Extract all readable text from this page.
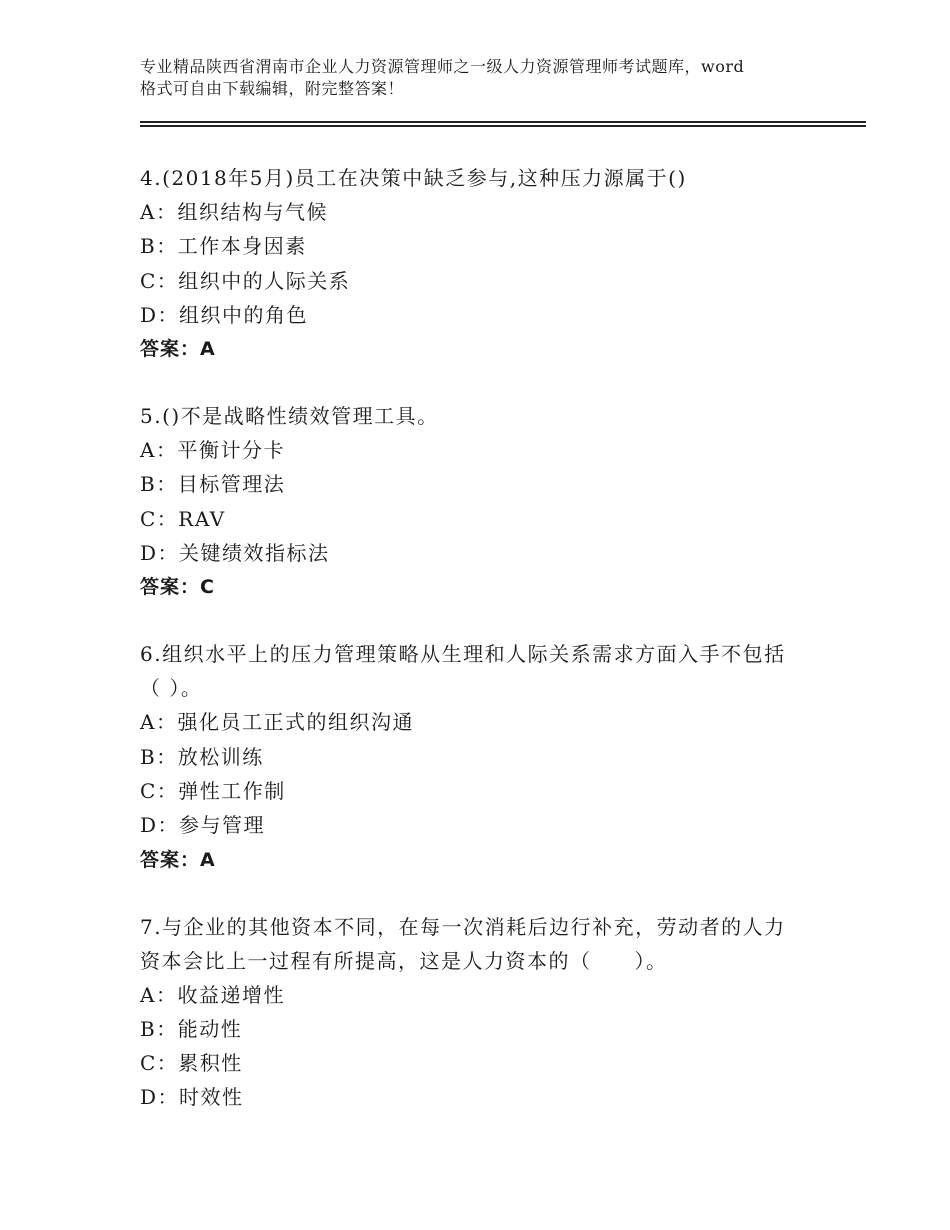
专业精品陕西省渭南市企业人力资源管理师之一级人力资源管理师考试题库，word
格式可自由下载编辑，附完整答案！
4.(2018年5月)员工在决策中缺乏参与,这种压力源属于()
A：组织结构与气候
B：工作本身因素
C：组织中的人际关系
D：组织中的角色
答案：A
5.()不是战略性绩效管理工具。
A：平衡计分卡
B：目标管理法
C：RAV
D：关键绩效指标法
答案：C
6.组织水平上的压力管理策略从生理和人际关系需求方面入手不包括
（ ）。
A：强化员工正式的组织沟通
B：放松训练
C：弹性工作制
D：参与管理
答案：A
7.与企业的其他资本不同，在每一次消耗后边行补充，劳动者的人力
资本会比上一过程有所提高，这是人力资本的（　　）。
A：收益递增性
B：能动性
C：累积性
D：时效性
